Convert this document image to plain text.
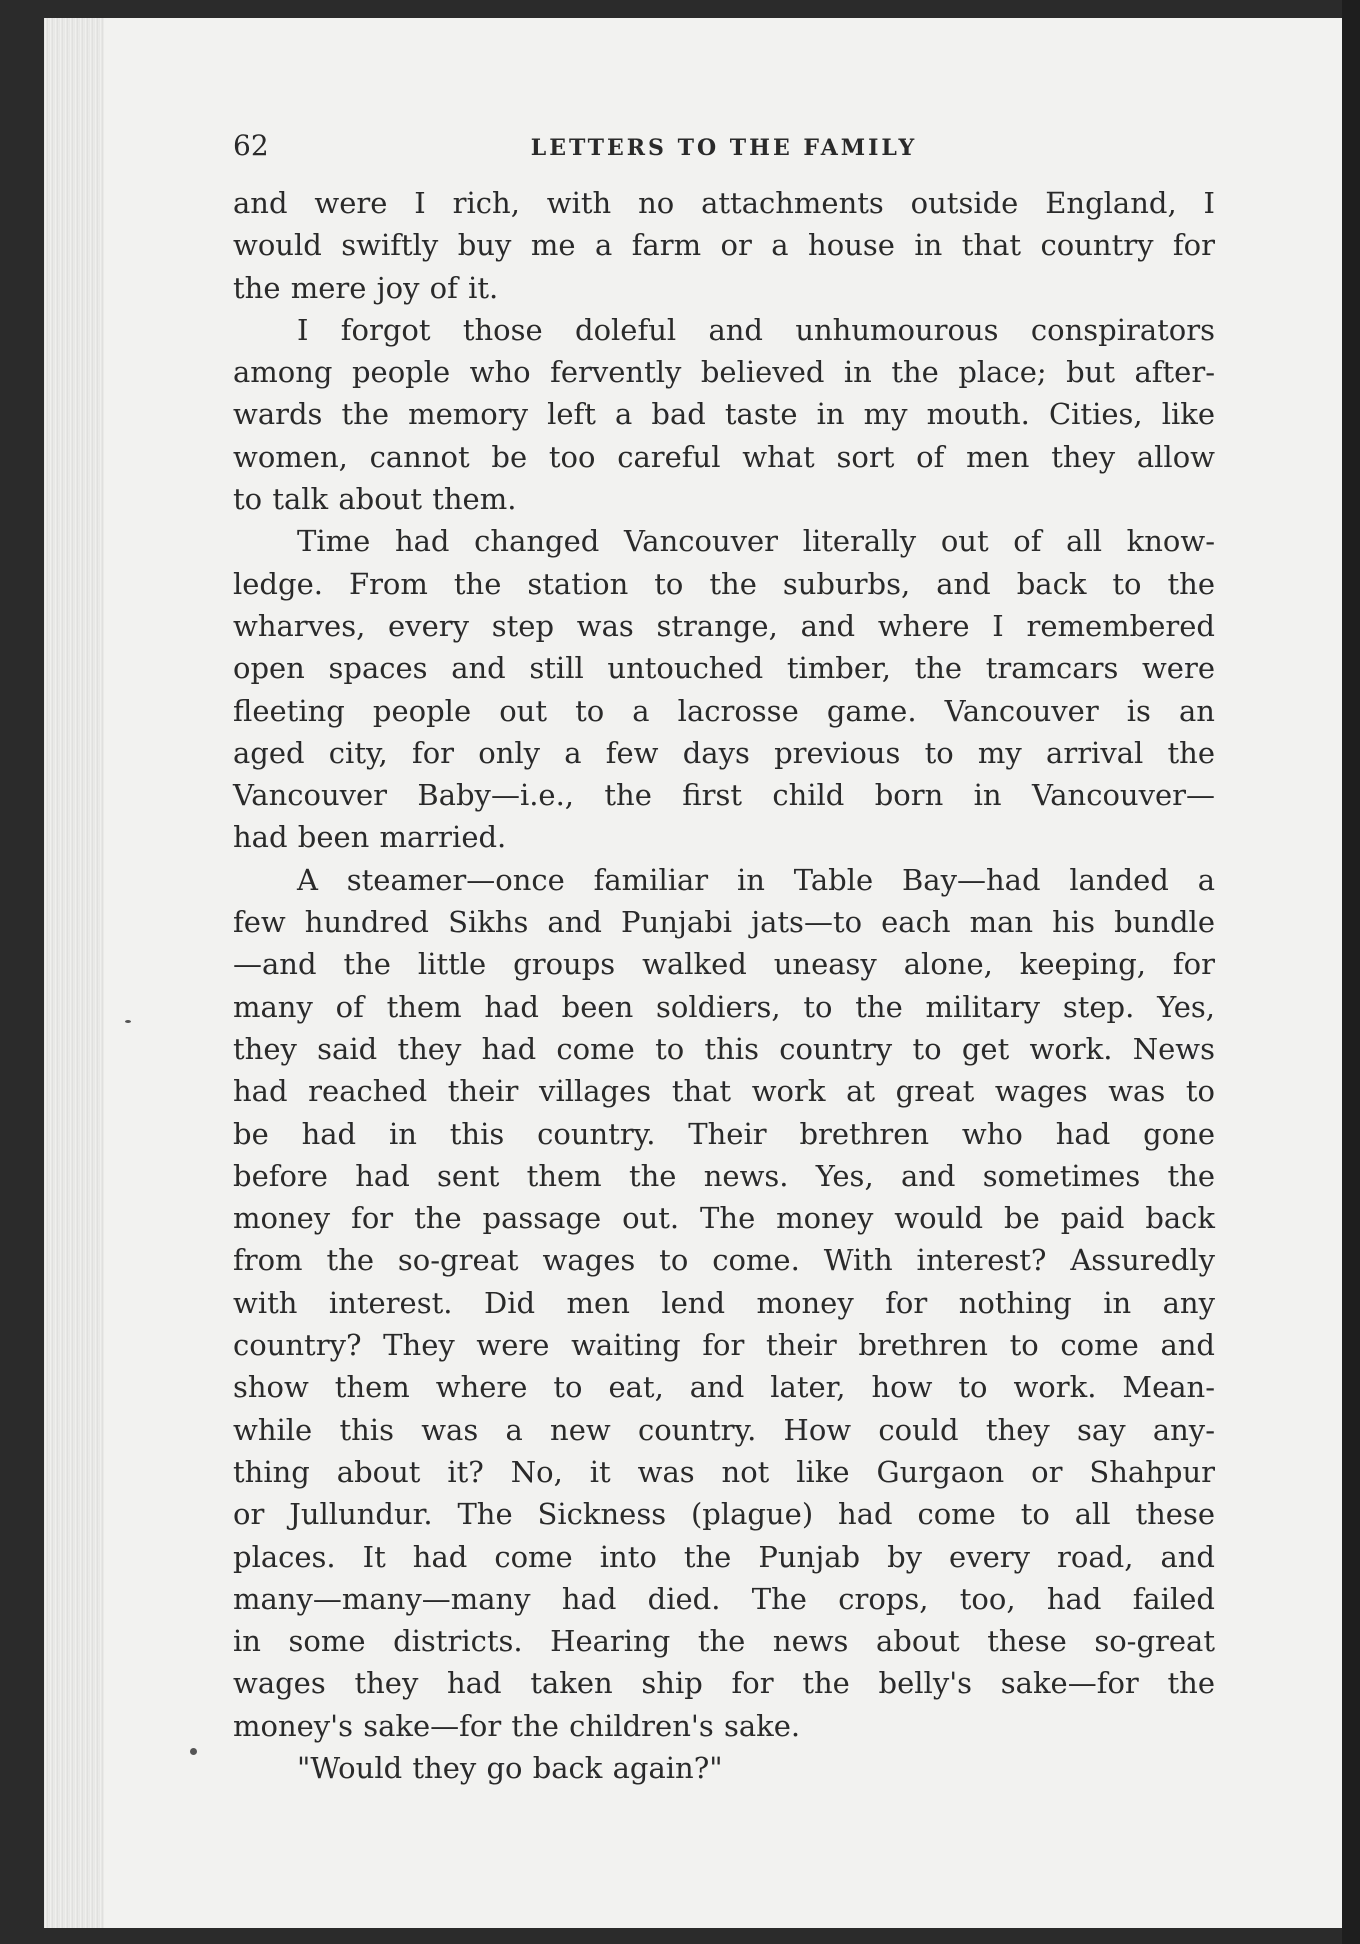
62	LETTERS TO THE FAMILY
and were I rich, with no attachments outside England, I
would swiftly buy me a farm or a house in that country for
the mere joy of it.
I forgot those doleful and unhumourous conspirators
among people who fervently believed in the place; but after-
wards the memory left a bad taste in my mouth. Cities, like
women, cannot be too careful what sort of men they allow
to talk about them.
Time had changed Vancouver literally out of all know-
ledge. From the station to the suburbs, and back to the
wharves, every step was strange, and where I remembered
open spaces and still untouched timber, the tramcars were
fleeting people out to a lacrosse game. Vancouver is an
aged city, for only a few days previous to my arrival the
Vancouver Baby—i.e., the first child born in Vancouver—
had been married.
A steamer—once familiar in Table Bay—had landed a
few hundred Sikhs and Punjabi jats—to each man his bundle
—and the little groups walked uneasy alone, keeping, for
many of them had been soldiers, to the military step. Yes,
they said they had come to this country to get work. News
had reached their villages that work at great wages was to
be had in this country. Their brethren who had gone
before had sent them the news. Yes, and sometimes the
money for the passage out. The money would be paid back
from the so-great wages to come. With interest? Assuredly
with interest. Did men lend money for nothing in any
country? They were waiting for their brethren to come and
show them where to eat, and later, how to work. Mean-
while this was a new country. How could they say any-
thing about it? No, it was not like Gurgaon or Shahpur
or Jullundur. The Sickness (plague) had come to all these
places. It had come into the Punjab by every road, and
many—many—many had died. The crops, too, had failed
in some districts. Hearing the news about these so-great
wages they had taken ship for the belly's sake—for the
money's sake—for the children's sake.
"Would they go back again?"
